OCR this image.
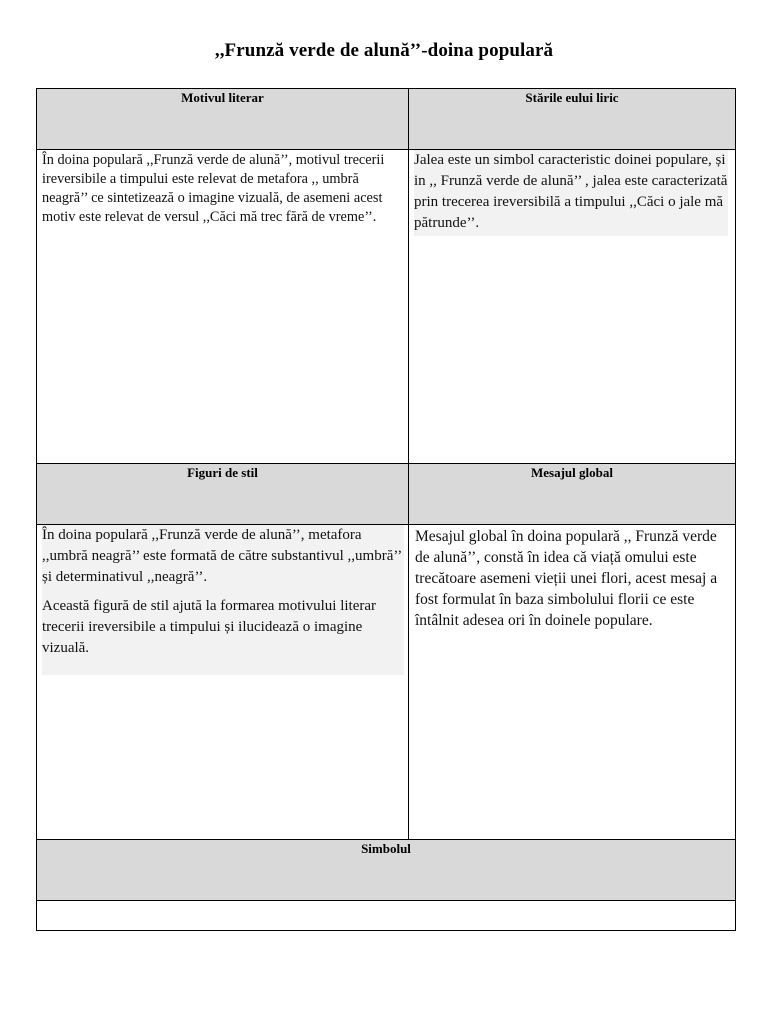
,,Frunză verde de alună’’-doina populară
Motivul literar	Stările eului liric
În doina populară ,,Frunză verde de alună’’, motivul trecerii ireversibile a timpului este relevat de metafora ,, umbră neagră’’ ce sintetizează o imagine vizuală, de asemeni acest motiv este relevat de versul ,,Căci mă trec fără de vreme’’.
Jalea este un simbol caracteristic doinei populare, și in ,, Frunză verde de alună’’ , jalea este caracterizată prin trecerea ireversibilă a timpului ,,Căci o jale mă pătrunde’’.
Figuri de stil	Mesajul global

În doina populară ,,Frunză verde de alună’’, metafora ,,umbră neagră’’ este formată de către substantivul ,,umbră’’ și determinativul ,,neagră’’.

Această figură de stil ajută la formarea motivului literar trecerii ireversibile a timpului și ilucidează o imagine vizuală.

Mesajul global în doina populară ,, Frunză verde de alună’’, constă în idea că viață omului este trecătoare asemeni vieții unei flori, acest mesaj a fost formulat în baza simbolului florii ce este întâlnit adesea ori în doinele populare.
Simbolul
